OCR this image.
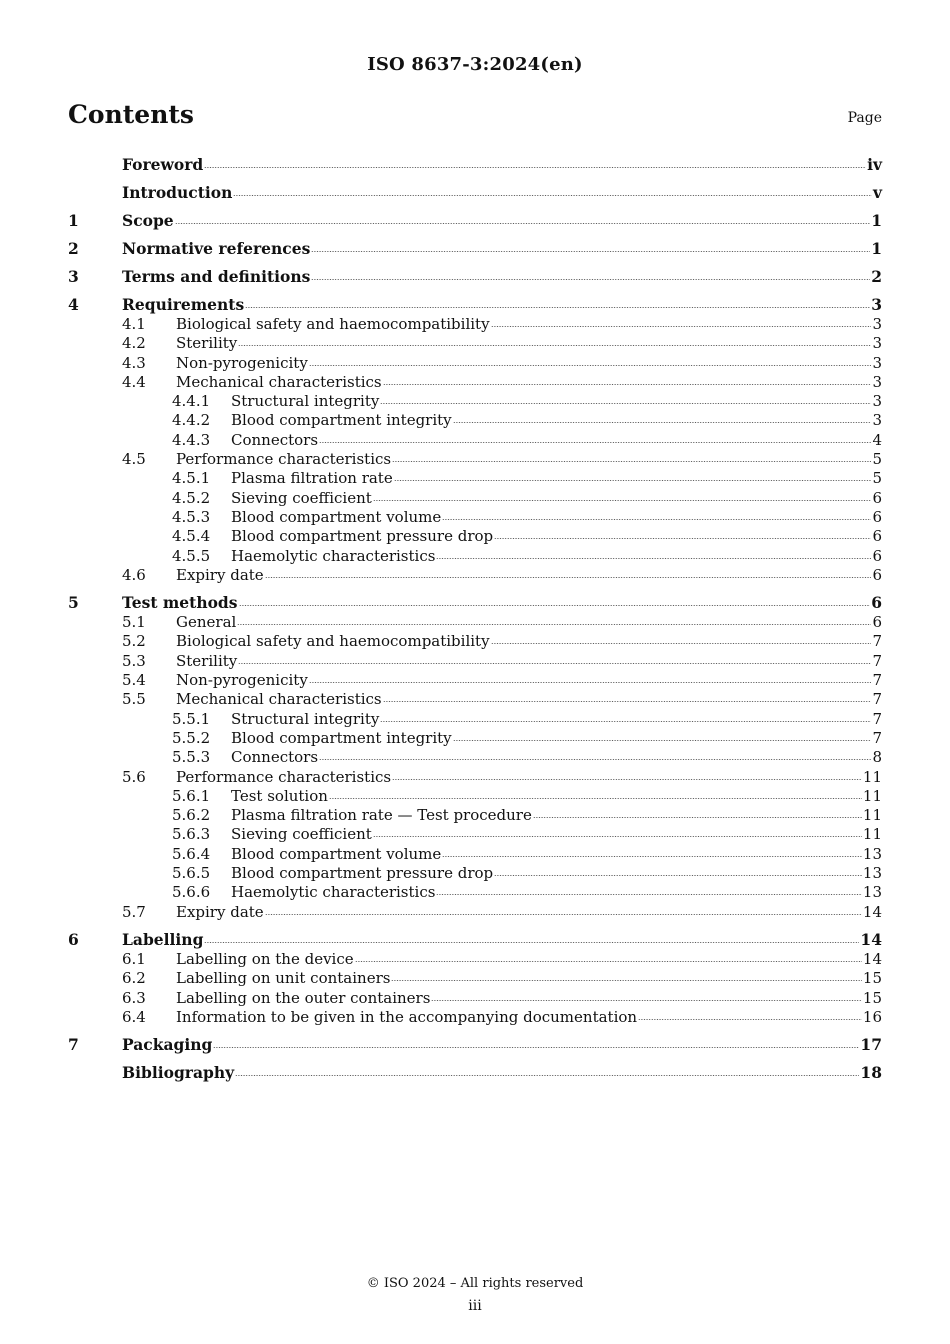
ISO 8637-3:2024(en)
Contents	Page
Foreword	iv
Introduction	v
1	Scope	1
2	Normative references	1
3	Terms and definitions	2
4	Requirements	3
4.1	Biological safety and haemocompatibility	3
4.2	Sterility	3
4.3	Non-pyrogenicity	3
4.4	Mechanical characteristics	3
4.4.1	Structural integrity	3
4.4.2	Blood compartment integrity	3
4.4.3	Connectors	4
4.5	Performance characteristics	5
4.5.1	Plasma filtration rate	5
4.5.2	Sieving coefficient	6
4.5.3	Blood compartment volume	6
4.5.4	Blood compartment pressure drop	6
4.5.5	Haemolytic characteristics	6
4.6	Expiry date	6
5	Test methods	6
5.1	General	6
5.2	Biological safety and haemocompatibility	7
5.3	Sterility	7
5.4	Non-pyrogenicity	7
5.5	Mechanical characteristics	7
5.5.1	Structural integrity	7
5.5.2	Blood compartment integrity	7
5.5.3	Connectors	8
5.6	Performance characteristics	11
5.6.1	Test solution	11
5.6.2	Plasma filtration rate — Test procedure	11
5.6.3	Sieving coefficient	11
5.6.4	Blood compartment volume	13
5.6.5	Blood compartment pressure drop	13
5.6.6	Haemolytic characteristics	13
5.7	Expiry date	14
6	Labelling	14
6.1	Labelling on the device	14
6.2	Labelling on unit containers	15
6.3	Labelling on the outer containers	15
6.4	Information to be given in the accompanying documentation	16
7	Packaging	17
Bibliography	18
© ISO 2024 – All rights reserved
iii
